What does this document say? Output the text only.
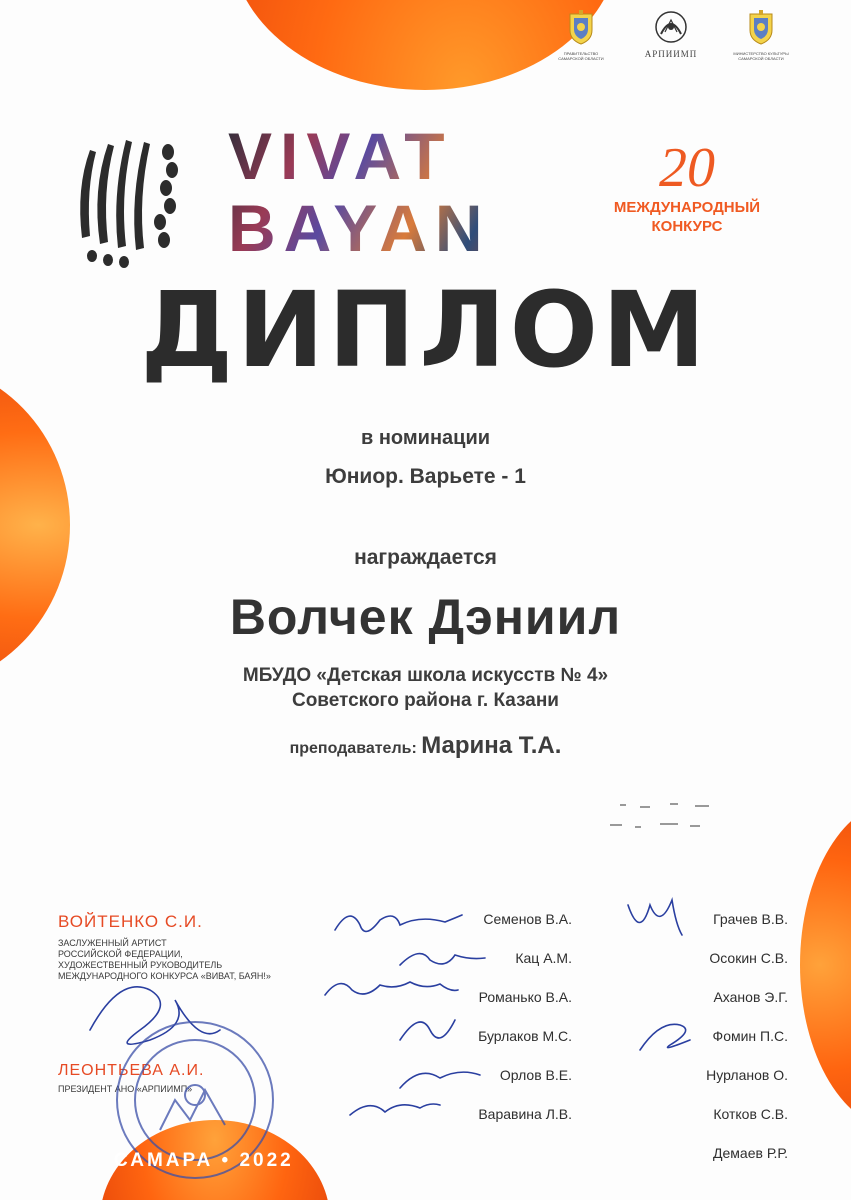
ПРАВИТЕЛЬСТВО САМАРСКОЙ ОБЛАСТИ	АРПИИМП	МИНИСТЕРСТВО КУЛЬТУРЫ САМАРСКОЙ ОБЛАСТИ
VIVAT
BAYAN
20
МЕЖДУНАРОДНЫЙ
КОНКУРС
ДИПЛОМ
в номинации
Юниор. Варьете - 1
награждается
Волчек Дэниил
МБУДО «Детская школа искусств № 4»
Советского района г. Казани
преподаватель: Марина Т.А.
ВОЙТЕНКО С.И.
ЗАСЛУЖЕННЫЙ АРТИСТ
РОССИЙСКОЙ ФЕДЕРАЦИИ,
ХУДОЖЕСТВЕННЫЙ РУКОВОДИТЕЛЬ
МЕЖДУНАРОДНОГО КОНКУРСА «ВИВАТ, БАЯН!»
ЛЕОНТЬЕВА А.И.
ПРЕЗИДЕНТ АНО «АРПИИМП»
Семенов В.А.
Кац А.М.
Романько В.А.
Бурлаков М.С.
Орлов В.Е.
Варавина Л.В.
Грачев В.В.
Осокин С.В.
Аханов Э.Г.
Фомин П.С.
Нурланов О.
Котков С.В.
Демаев Р.Р.
САМАРА • 2022
